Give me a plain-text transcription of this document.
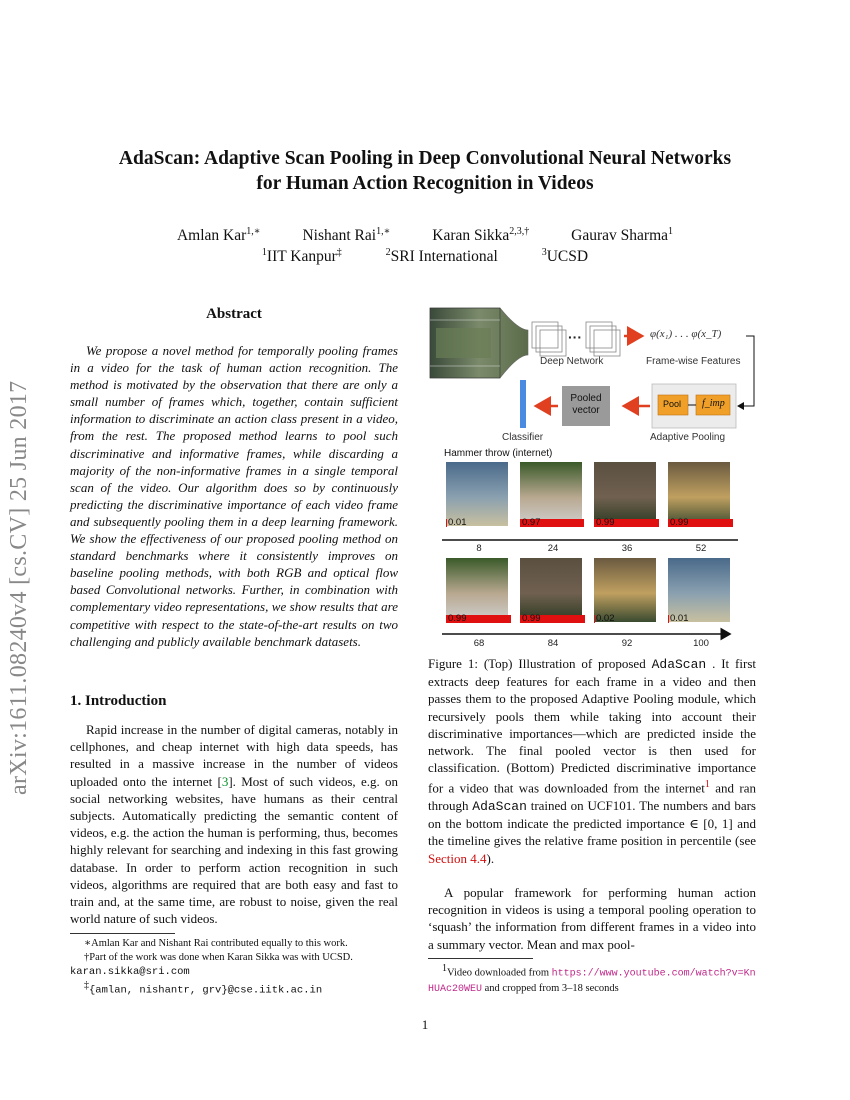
AdaScan: Adaptive Scan Pooling in Deep Convolutional Neural Networks
for Human Action Recognition in Videos
Amlan Kar$^{1,∗}$	Nishant Rai$^{1,∗}$	Karan Sikka$^{2,3,\dagger}$	Gaurav Sharma$^1$
$^1$IIT Kanpur‡	$^2$SRI International	$^3$UCSD
arXiv:1611.08240v4 [cs.CV] 25 Jun 2017
Abstract
We propose a novel method for temporally pooling frames in a video for the task of human action recognition. The method is motivated by the observation that there are only a small number of frames which, together, contain sufficient information to discriminate an action class present in a video, from the rest. The proposed method learns to pool such discriminative and informative frames, while discarding a majority of the non-informative frames in a single temporal scan of the video. Our algorithm does so by continuously predicting the discriminative importance of each video frame and subsequently pooling them in a deep learning framework. We show the effectiveness of our proposed pooling method on standard benchmarks where it consistently improves on baseline pooling methods, with both RGB and optical flow based Convolutional networks. Further, in combination with complementary video representations, we show results that are competitive with respect to the state-of-the-art results on two challenging and publicly available benchmark datasets.
1. Introduction
Rapid increase in the number of digital cameras, notably in cellphones, and cheap internet with high data speeds, has resulted in a massive increase in the number of videos uploaded onto the internet [3]. Most of such videos, e.g. on social networking websites, have humans as their central subjects. Automatically predicting the semantic content of videos, e.g. the action the human is performing, thus, becomes highly relevant for searching and indexing in this fast growing database. In order to perform action recognition in such videos, algorithms are required that are both easy and fast to train and, at the same time, are robust to noise, given the real world nature of such videos.
∗Amlan Kar and Nishant Rai contributed equally to this work.
†Part of the work was done when Karan Sikka was with UCSD.
karan.sikka@sri.com
‡{amlan, nishantr, grv}@cse.iitk.ac.in
···
Deep Network
φ(x₁) . . . φ(x_T)
Frame-wise Features
Pooled
vector
Pool f_imp
Classifier	Adaptive Pooling
Hammer throw (internet)
0.01
8
0.97
24
0.99
36
0.99
52
0.99
68
0.99
84
0.02
92
0.01
100
Figure 1: (Top) Illustration of proposed AdaScan . It first extracts deep features for each frame in a video and then passes them to the proposed Adaptive Pooling module, which recursively pools them while taking into account their discriminative importances—which are predicted inside the network. The final pooled vector is then used for classification. (Bottom) Predicted discriminative importance for a video that was downloaded from the internet$^1$ and ran through AdaScan trained on UCF101. The numbers and bars on the bottom indicate the predicted importance ∈ [0, 1] and the timeline gives the relative frame position in percentile (see Section 4.4).
A popular framework for performing human action recognition in videos is using a temporal pooling operation to ‘squash’ the information from different frames in a video into a summary vector. Mean and max pool-
$^1$Video downloaded from https://www.youtube.com/watch?v=KnHUAc20WEU and cropped from 3–18 seconds
1
